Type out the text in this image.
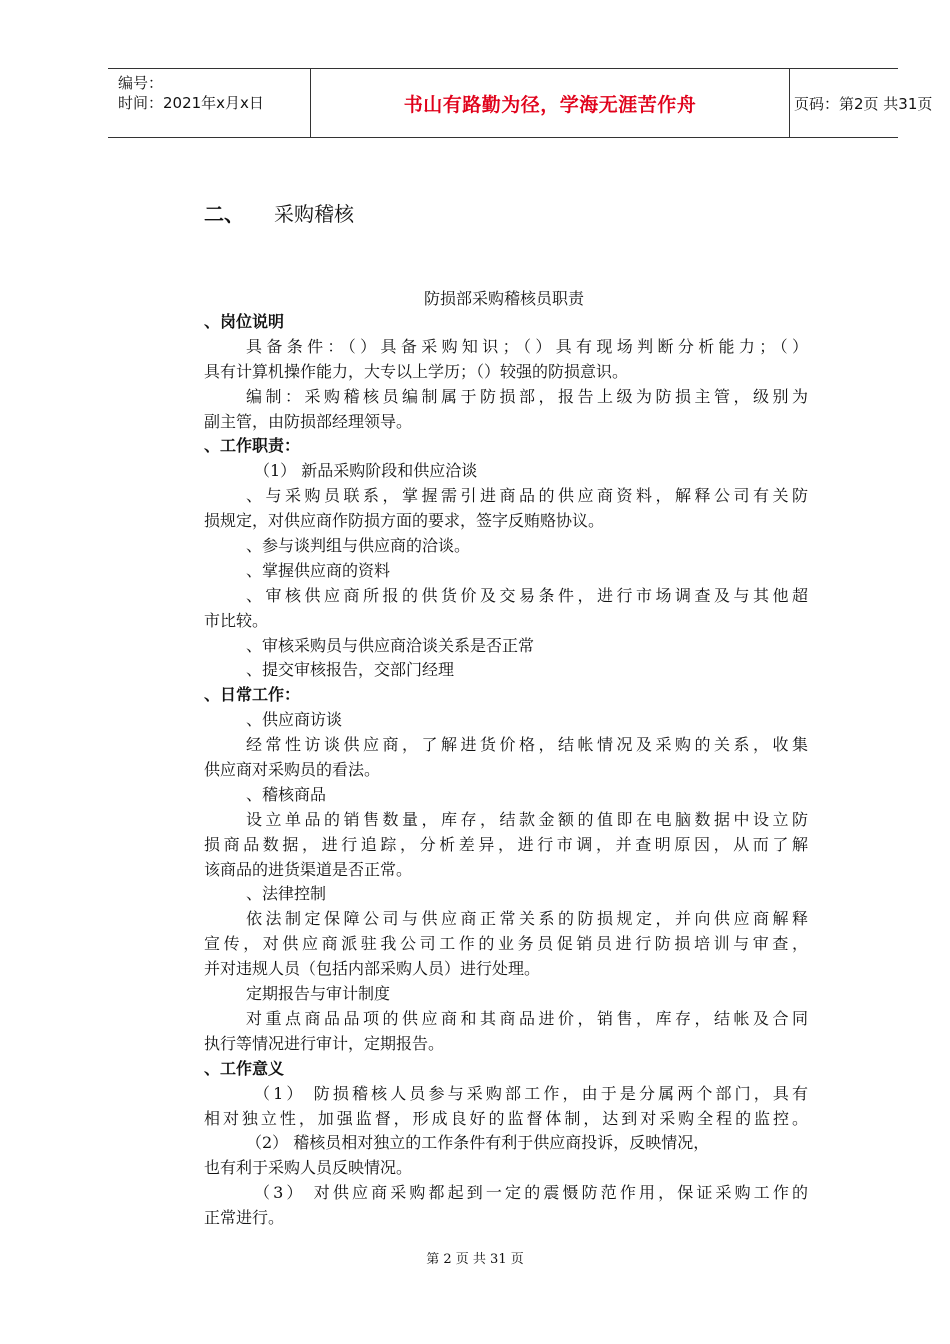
编号：
时间：2021年x月x日	书山有路勤为径，学海无涯苦作舟	页码：第2页 共31页
二、 采购稽核
防损部采购稽核员职责
、岗位说明
具备条件：（）具备采购知识；（）具有现场判断分析能力；（）
具有计算机操作能力，大专以上学历；（）较强的防损意识。
编制：采购稽核员编制属于防损部，报告上级为防损主管，级别为
副主管，由防损部经理领导。
、工作职责：
（1） 新品采购阶段和供应洽谈
、与采购员联系，掌握需引进商品的供应商资料，解释公司有关防
损规定，对供应商作防损方面的要求，签字反贿赂协议。
、参与谈判组与供应商的洽谈。
、掌握供应商的资料
、审核供应商所报的供货价及交易条件，进行市场调查及与其他超
市比较。
、审核采购员与供应商洽谈关系是否正常
、提交审核报告，交部门经理
、日常工作：
、供应商访谈
经常性访谈供应商，了解进货价格，结帐情况及采购的关系，收集
供应商对采购员的看法。
、稽核商品
设立单品的销售数量，库存，结款金额的值即在电脑数据中设立防
损商品数据，进行追踪，分析差异，进行市调，并查明原因，从而了解
该商品的进货渠道是否正常。
、法律控制
依法制定保障公司与供应商正常关系的防损规定，并向供应商解释
宣传，对供应商派驻我公司工作的业务员促销员进行防损培训与审查，
并对违规人员（包括内部采购人员）进行处理。
定期报告与审计制度
对重点商品品项的供应商和其商品进价，销售，库存，结帐及合同
执行等情况进行审计，定期报告。
、工作意义
（1） 防损稽核人员参与采购部工作，由于是分属两个部门，具有
相对独立性，加强监督，形成良好的监督体制，达到对采购全程的监控。
（2） 稽核员相对独立的工作条件有利于供应商投诉，反映情况，
也有利于采购人员反映情况。
（3） 对供应商采购都起到一定的震慑防范作用，保证采购工作的
正常进行。
第 2 页 共 31 页
